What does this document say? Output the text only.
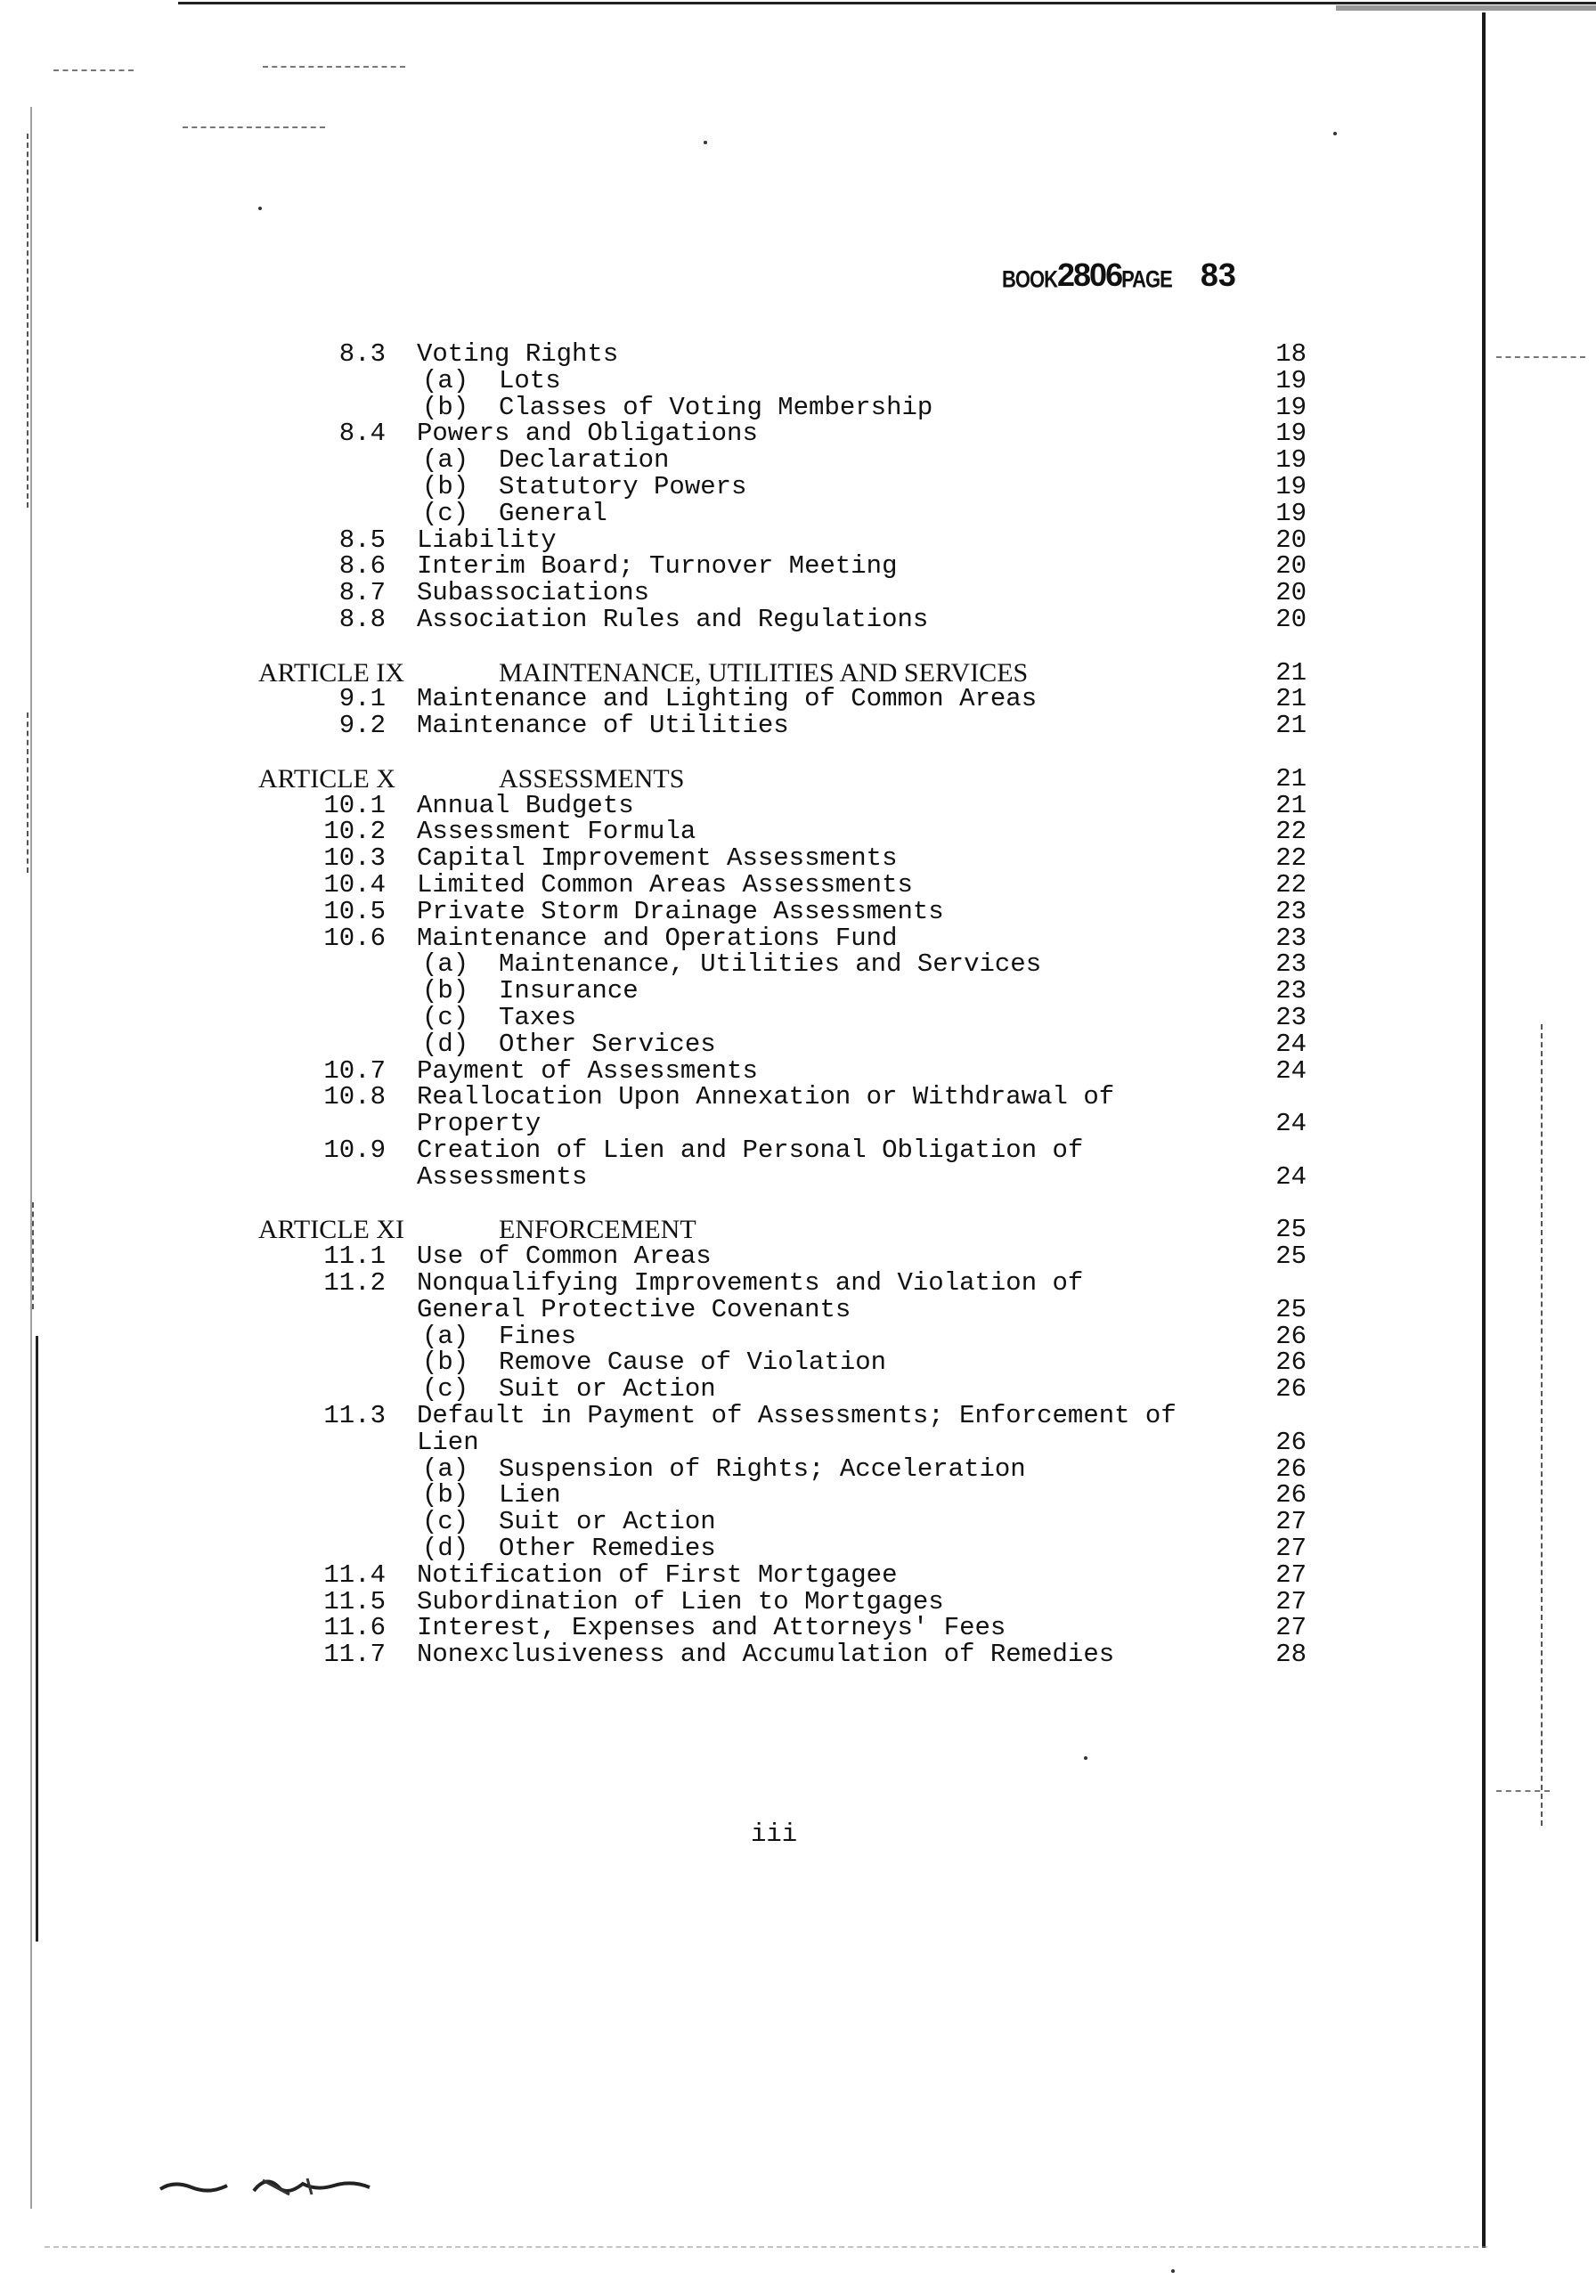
BOOK2806PAGE 83
8.3 Voting Rights	18
(a) Lots	19
(b) Classes of Voting Membership	19
8.4 Powers and Obligations	19
(a) Declaration	19
(b) Statutory Powers	19
(c) General	19
8.5 Liability	20
8.6 Interim Board; Turnover Meeting	20
8.7 Subassociations	20
8.8 Association Rules and Regulations	20
ARTICLE IX	MAINTENANCE, UTILITIES AND SERVICES	21
9.1 Maintenance and Lighting of Common Areas	21
9.2 Maintenance of Utilities	21
ARTICLE X	ASSESSMENTS	21
10.1 Annual Budgets	21
10.2 Assessment Formula	22
10.3 Capital Improvement Assessments	22
10.4 Limited Common Areas Assessments	22
10.5 Private Storm Drainage Assessments	23
10.6 Maintenance and Operations Fund	23
(a) Maintenance, Utilities and Services	23
(b) Insurance	23
(c) Taxes	23
(d) Other Services	24
10.7 Payment of Assessments	24
10.8 Reallocation Upon Annexation or Withdrawal of
Property	24
10.9 Creation of Lien and Personal Obligation of
Assessments	24
ARTICLE XI	ENFORCEMENT	25
11.1 Use of Common Areas	25
11.2 Nonqualifying Improvements and Violation of
General Protective Covenants	25
(a) Fines	26
(b) Remove Cause of Violation	26
(c) Suit or Action	26
11.3 Default in Payment of Assessments; Enforcement of
Lien	26
(a) Suspension of Rights; Acceleration	26
(b) Lien	26
(c) Suit or Action	27
(d) Other Remedies	27
11.4 Notification of First Mortgagee	27
11.5 Subordination of Lien to Mortgages	27
11.6 Interest, Expenses and Attorneys' Fees	27
11.7 Nonexclusiveness and Accumulation of Remedies	28
iii
